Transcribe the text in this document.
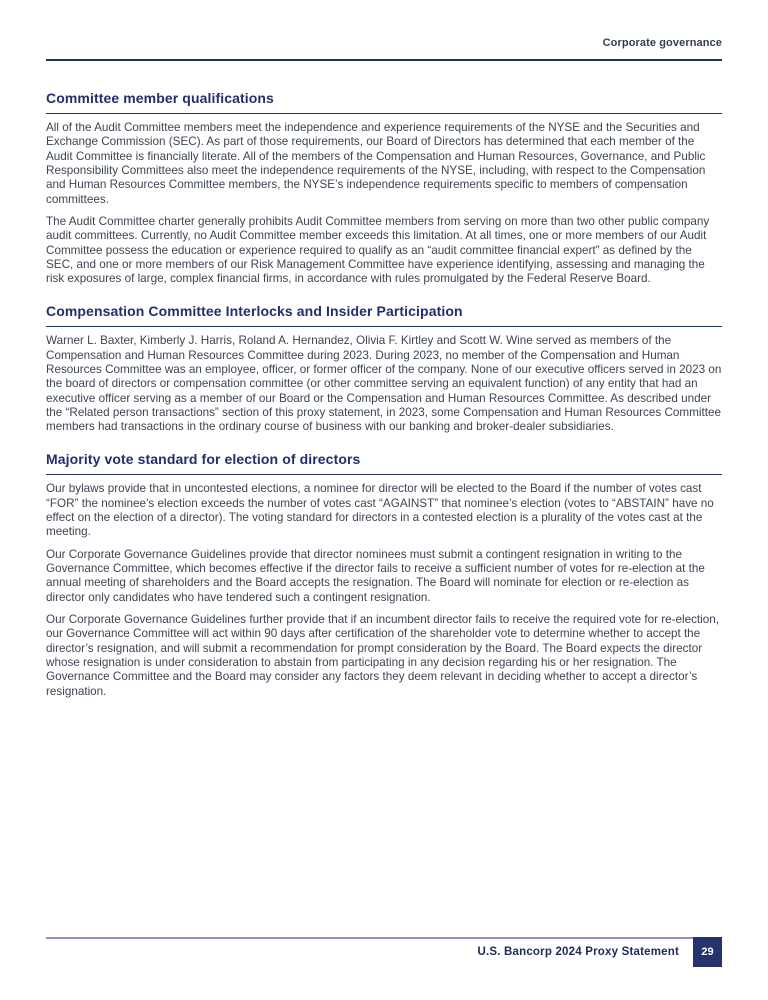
Corporate governance
Committee member qualifications

All of the Audit Committee members meet the independence and experience requirements of the NYSE and the Securities and Exchange Commission (SEC). As part of those requirements, our Board of Directors has determined that each member of the Audit Committee is financially literate. All of the members of the Compensation and Human Resources, Governance, and Public Responsibility Committees also meet the independence requirements of the NYSE, including, with respect to the Compensation and Human Resources Committee members, the NYSE’s independence requirements specific to members of compensation committees.

The Audit Committee charter generally prohibits Audit Committee members from serving on more than two other public company audit committees. Currently, no Audit Committee member exceeds this limitation. At all times, one or more members of our Audit Committee possess the education or experience required to qualify as an “audit committee financial expert” as defined by the SEC, and one or more members of our Risk Management Committee have experience identifying, assessing and managing the risk exposures of large, complex financial firms, in accordance with rules promulgated by the Federal Reserve Board.

Compensation Committee Interlocks and Insider Participation

Warner L. Baxter, Kimberly J. Harris, Roland A. Hernandez, Olivia F. Kirtley and Scott W. Wine served as members of the Compensation and Human Resources Committee during 2023. During 2023, no member of the Compensation and Human Resources Committee was an employee, officer, or former officer of the company. None of our executive officers served in 2023 on the board of directors or compensation committee (or other committee serving an equivalent function) of any entity that had an executive officer serving as a member of our Board or the Compensation and Human Resources Committee. As described under the “Related person transactions” section of this proxy statement, in 2023, some Compensation and Human Resources Committee members had transactions in the ordinary course of business with our banking and broker-dealer subsidiaries.

Majority vote standard for election of directors

Our bylaws provide that in uncontested elections, a nominee for director will be elected to the Board if the number of votes cast “FOR” the nominee’s election exceeds the number of votes cast “AGAINST” that nominee’s election (votes to “ABSTAIN” have no effect on the election of a director). The voting standard for directors in a contested election is a plurality of the votes cast at the meeting.

Our Corporate Governance Guidelines provide that director nominees must submit a contingent resignation in writing to the Governance Committee, which becomes effective if the director fails to receive a sufficient number of votes for re-election at the annual meeting of shareholders and the Board accepts the resignation. The Board will nominate for election or re-election as director only candidates who have tendered such a contingent resignation.

Our Corporate Governance Guidelines further provide that if an incumbent director fails to receive the required vote for re-election, our Governance Committee will act within 90 days after certification of the shareholder vote to determine whether to accept the director’s resignation, and will submit a recommendation for prompt consideration by the Board. The Board expects the director whose resignation is under consideration to abstain from participating in any decision regarding his or her resignation. The Governance Committee and the Board may consider any factors they deem relevant in deciding whether to accept a director’s resignation.

U.S. Bancorp 2024 Proxy Statement	29
